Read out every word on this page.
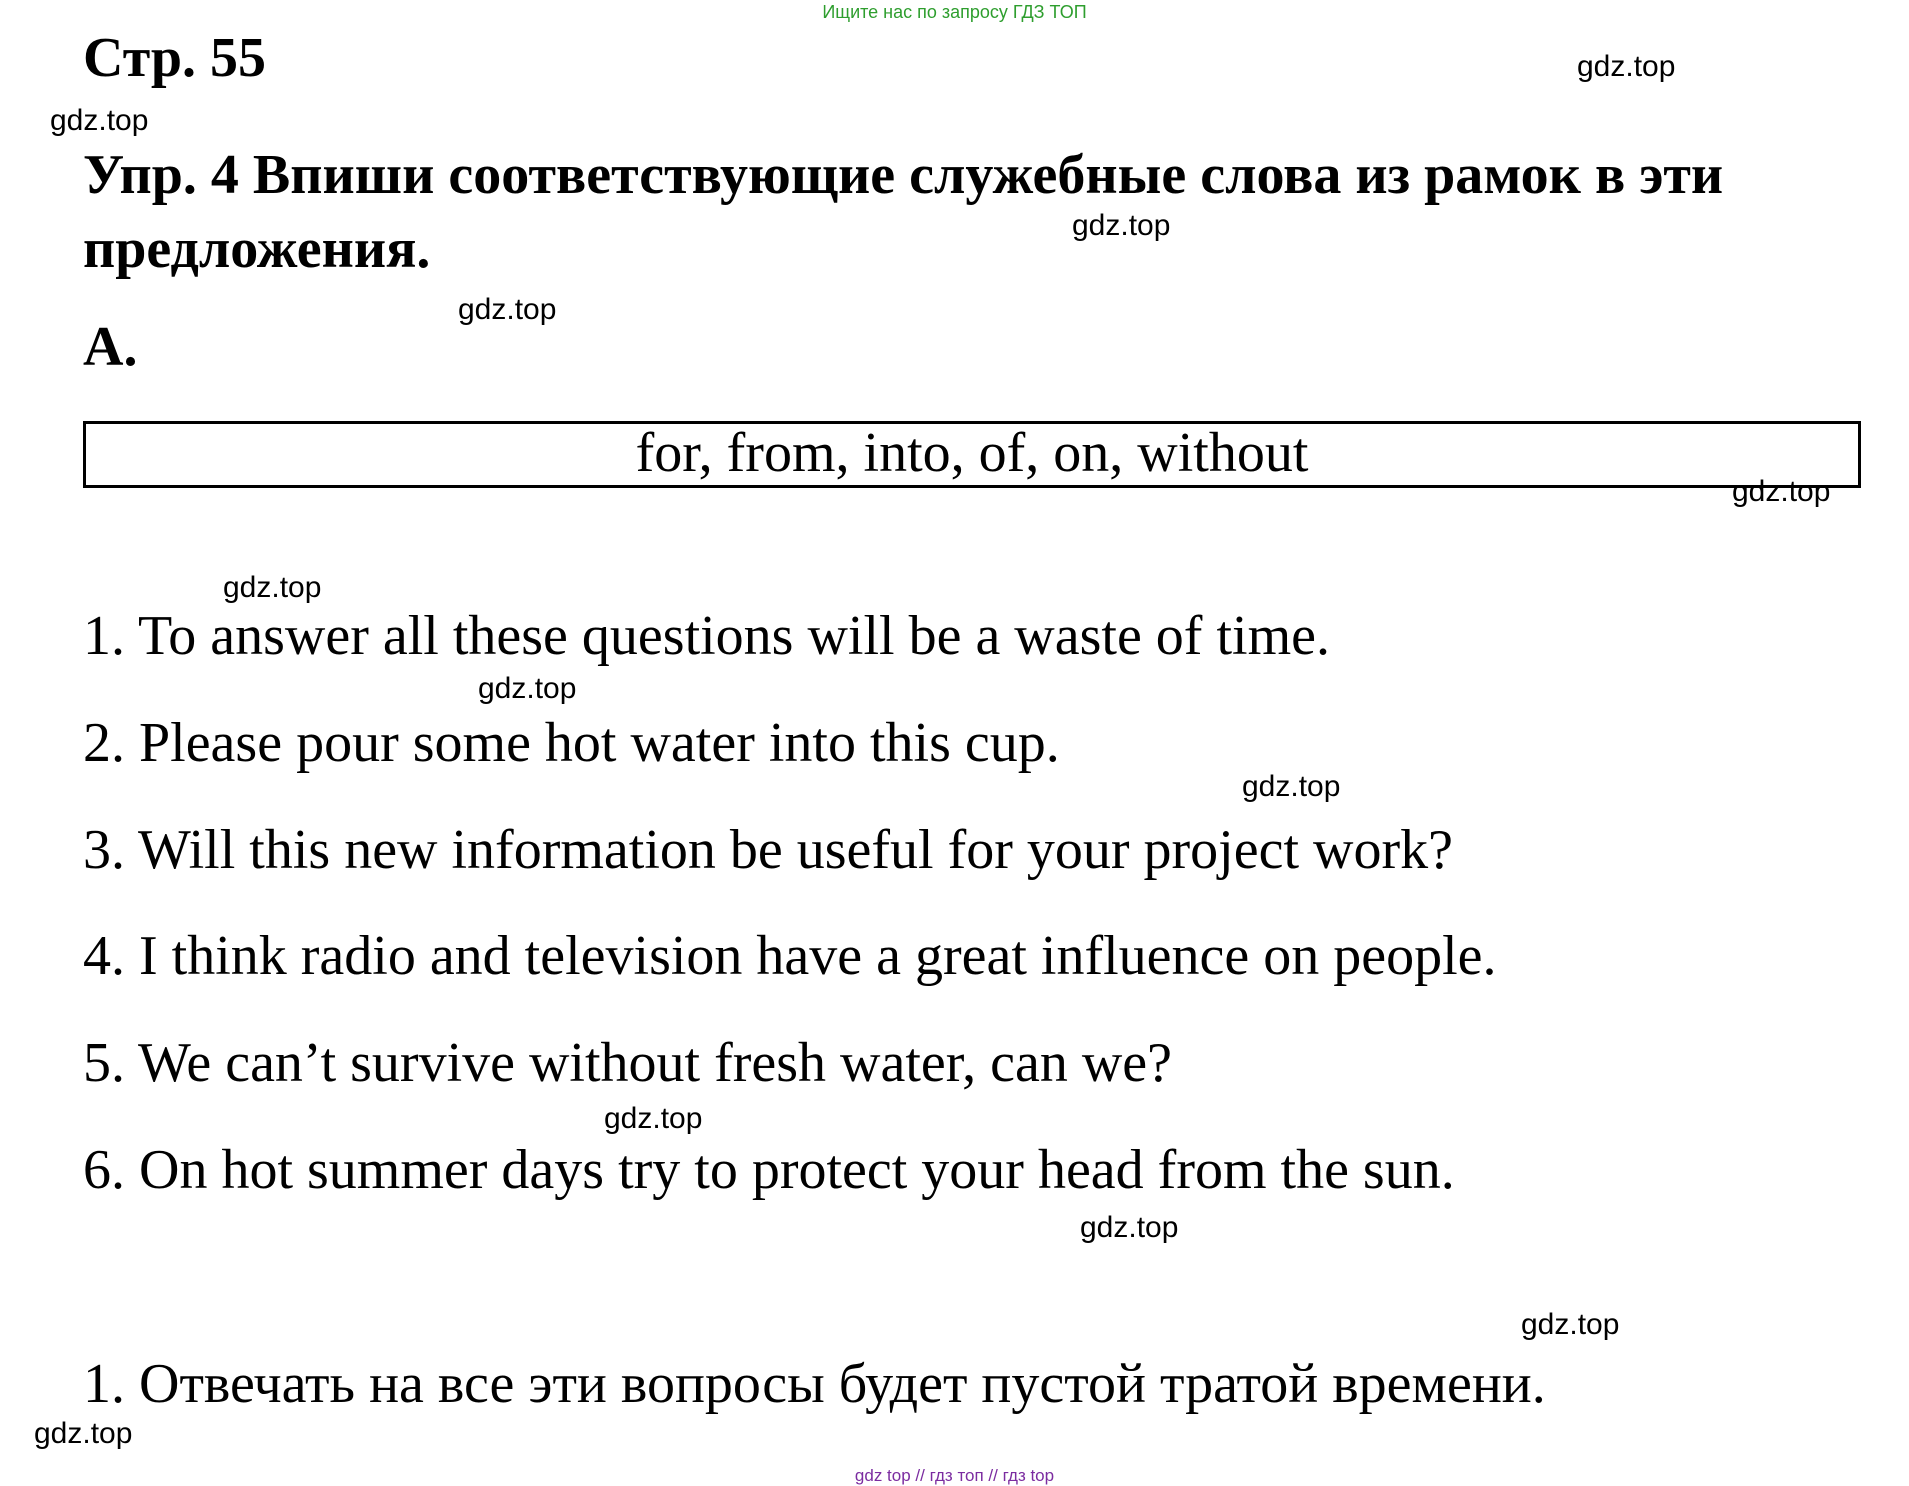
Ищите нас по запросу ГДЗ ТОП
Стр. 55
Упр. 4 Впиши соответствующие служебные слова из рамок в эти предложения.
А.
for, from, into, of, on, without
1. To answer all these questions will be a waste of time.
2. Please pour some hot water into this cup.
3. Will this new information be useful for your project work?
4. I think radio and television have a great influence on people.
5. We can’t survive without fresh water, can we?
6. On hot summer days try to protect your head from the sun.
1. Отвечать на все эти вопросы будет пустой тратой времени.
gdz.top
gdz.top
gdz.top
gdz.top
gdz.top
gdz.top
gdz.top
gdz.top
gdz.top
gdz.top
gdz.top
gdz.top
gdz top // гдз топ // гдз top
